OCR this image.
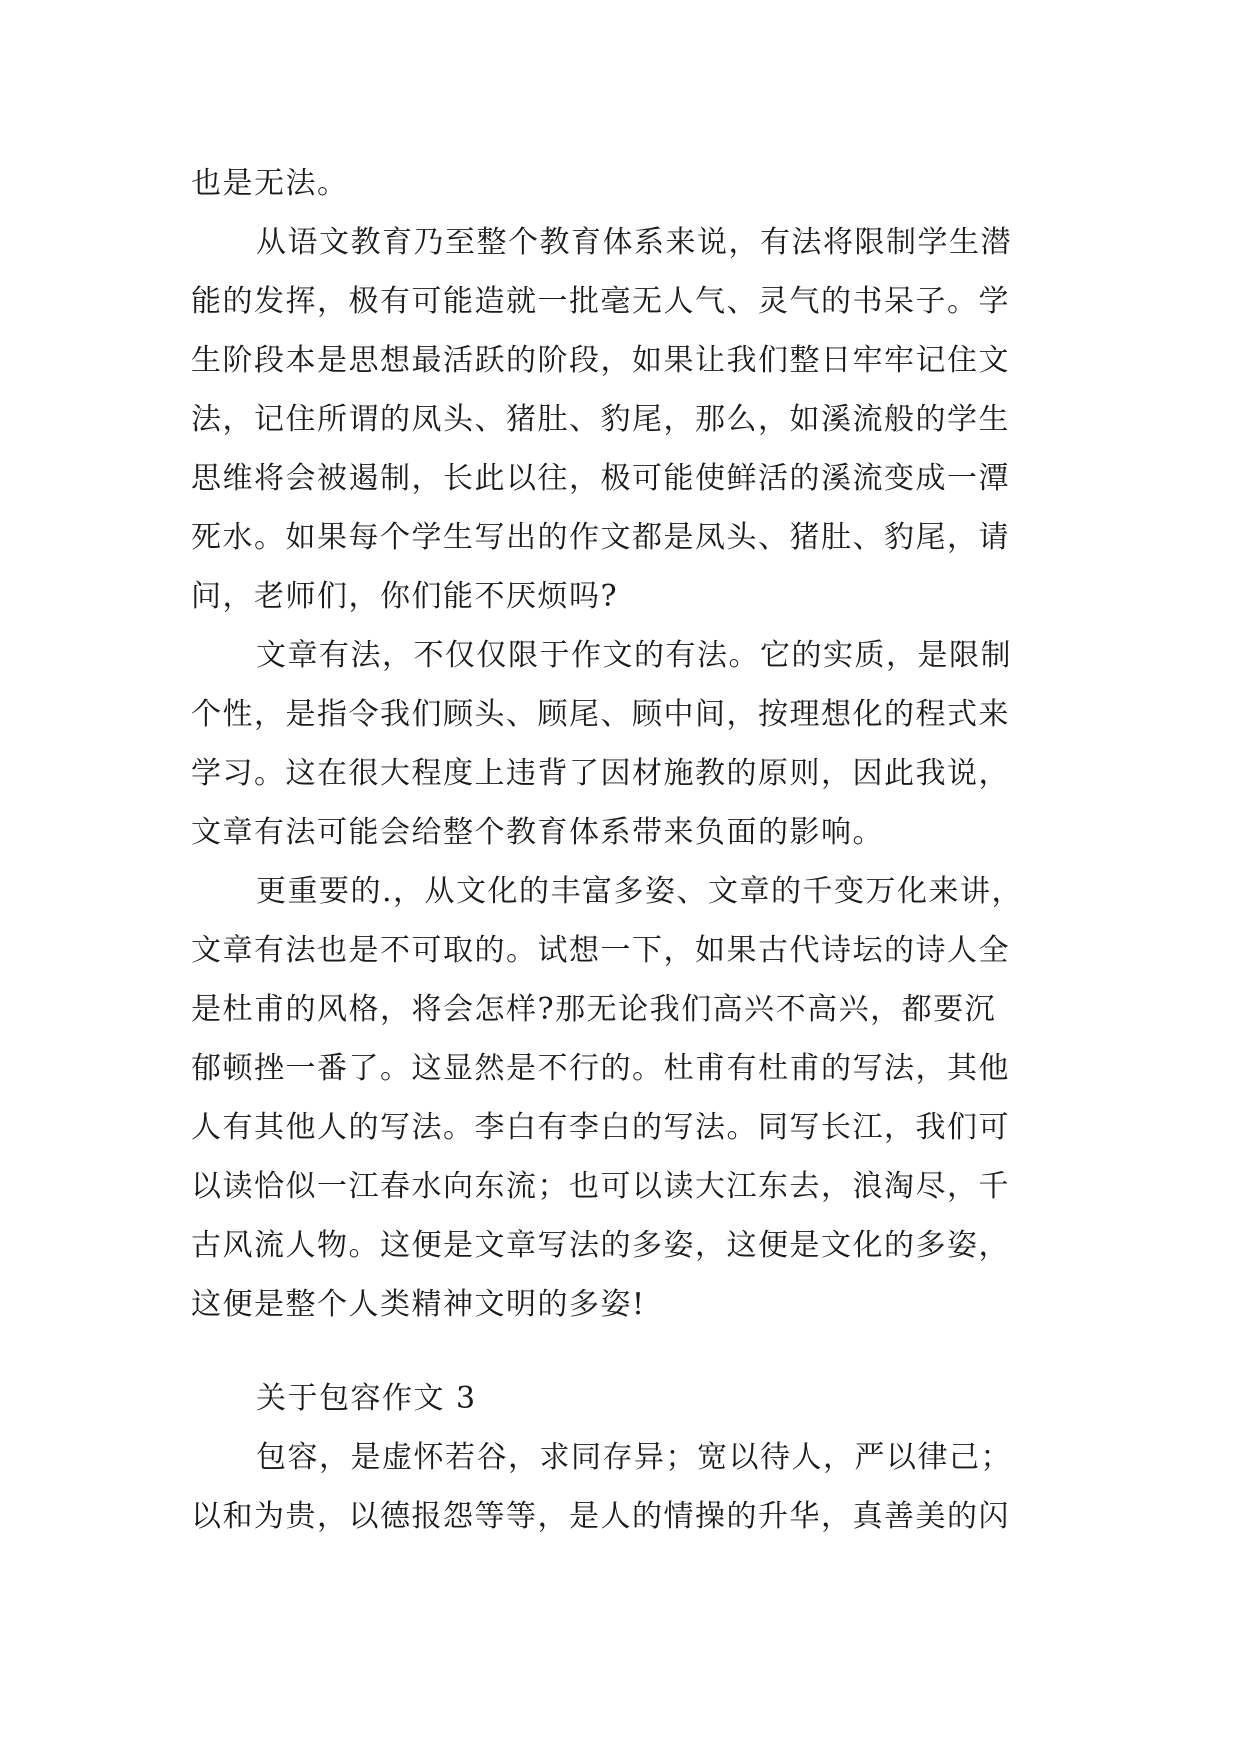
也是无法。
从语文教育乃至整个教育体系来说，有法将限制学生潜
能的发挥，极有可能造就一批毫无人气、灵气的书呆子。学
生阶段本是思想最活跃的阶段，如果让我们整日牢牢记住文
法，记住所谓的凤头、猪肚、豹尾，那么，如溪流般的学生
思维将会被遏制，长此以往，极可能使鲜活的溪流变成一潭
死水。如果每个学生写出的作文都是凤头、猪肚、豹尾，请
问，老师们，你们能不厌烦吗?
文章有法，不仅仅限于作文的有法。它的实质，是限制
个性，是指令我们顾头、顾尾、顾中间，按理想化的程式来
学习。这在很大程度上违背了因材施教的原则，因此我说，
文章有法可能会给整个教育体系带来负面的影响。
更重要的.，从文化的丰富多姿、文章的千变万化来讲，
文章有法也是不可取的。试想一下，如果古代诗坛的诗人全
是杜甫的风格，将会怎样?那无论我们高兴不高兴，都要沉
郁顿挫一番了。这显然是不行的。杜甫有杜甫的写法，其他
人有其他人的写法。李白有李白的写法。同写长江，我们可
以读恰似一江春水向东流；也可以读大江东去，浪淘尽，千
古风流人物。这便是文章写法的多姿，这便是文化的多姿，
这便是整个人类精神文明的多姿!
关于包容作文 3
包容，是虚怀若谷，求同存异；宽以待人，严以律己；
以和为贵，以德报怨等等，是人的情操的升华，真善美的闪
